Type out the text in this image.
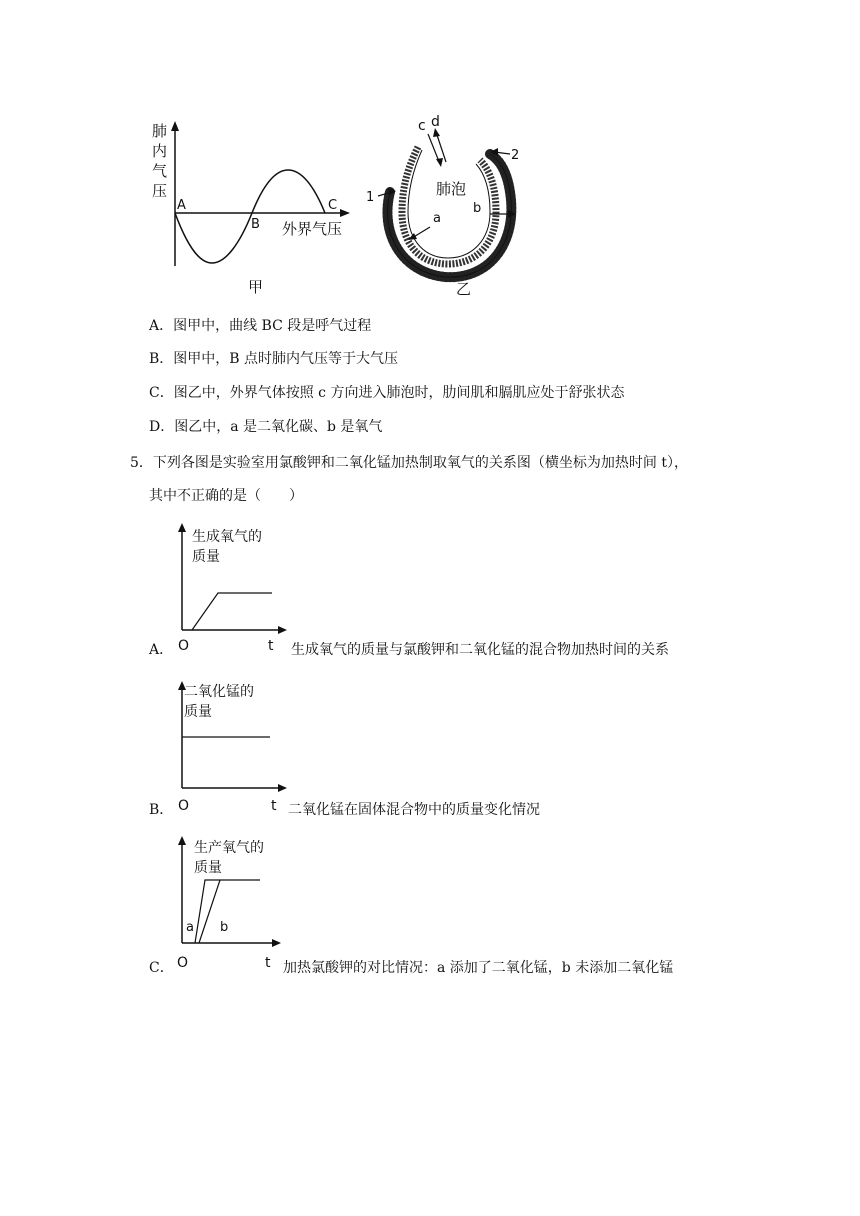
肺
内
气
压
A
B
C
外界气压
甲
c d
1
2
肺泡
a
b
乙
A．图甲中，曲线 BC 段是呼气过程
B．图甲中，B 点时肺内气压等于大气压
C．图乙中，外界气体按照 c 方向进入肺泡时，肋间肌和膈肌应处于舒张状态
D．图乙中，a 是二氧化碳、b 是氧气
5．下列各图是实验室用氯酸钾和二氧化锰加热制取氧气的关系图（横坐标为加热时间 t），
其中不正确的是（　　）
生成氧气的
质量
O	t
A．	生成氧气的质量与氯酸钾和二氧化锰的混合物加热时间的关系
二氧化锰的
质量
O	t
B．	二氧化锰在固体混合物中的质量变化情况
a b
生产氧气的
质量
O	t
C．	加热氯酸钾的对比情况：a 添加了二氧化锰，b 未添加二氧化锰
